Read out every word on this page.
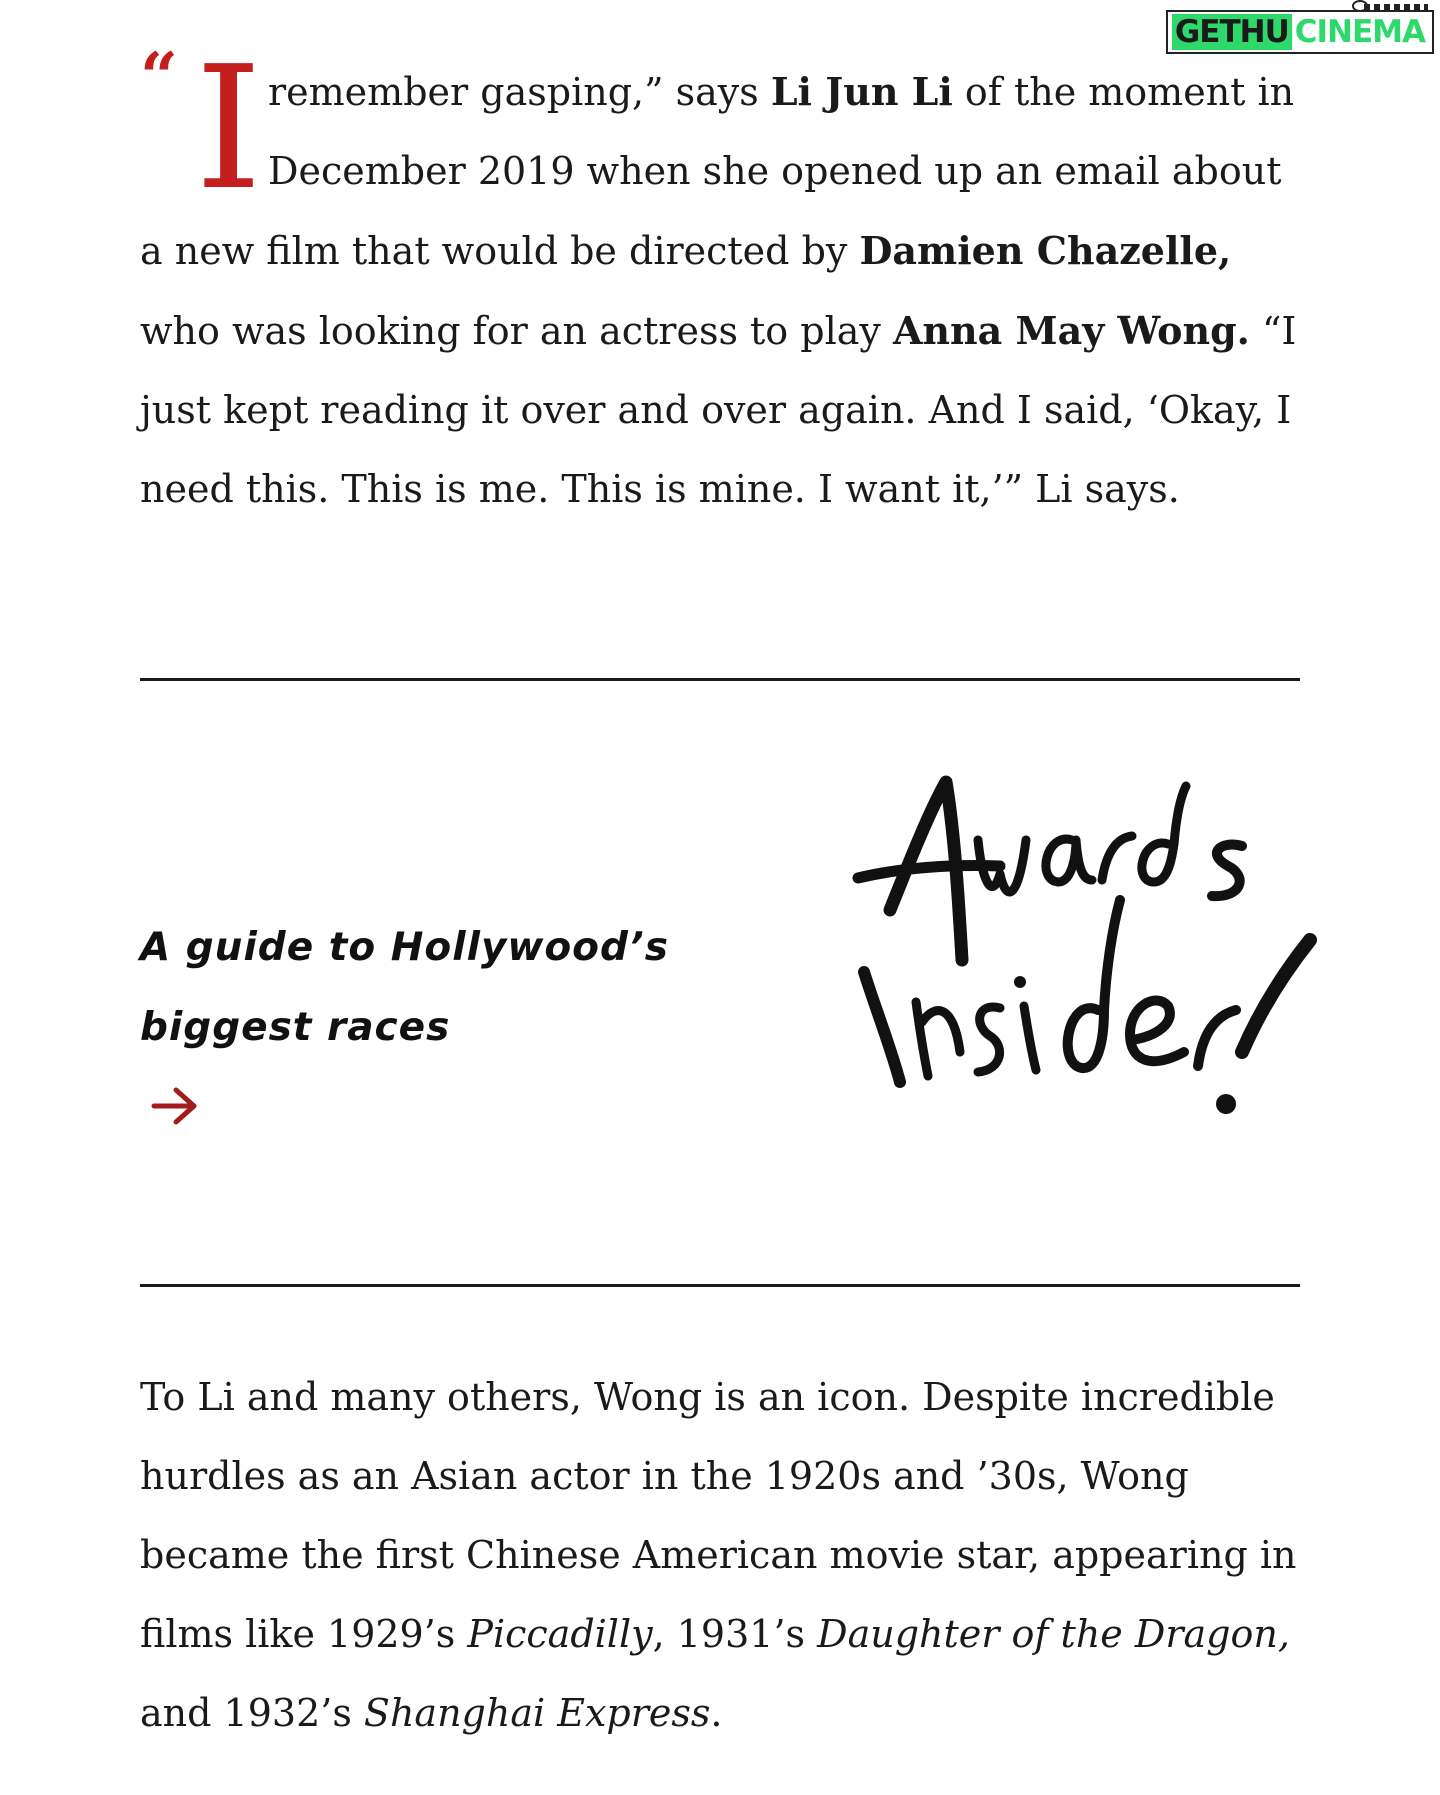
GETHU CINEMA
“ I remember gasping,” says Li Jun Li of the moment in December 2019 when she opened up an email about a new film that would be directed by Damien Chazelle, who was looking for an actress to play Anna May Wong. “I just kept reading it over and over again. And I said, ‘Okay, I need this. This is me. This is mine. I want it,’” Li says.

A guide to Hollywood’s
biggest races

To Li and many others, Wong is an icon. Despite incredible hurdles as an Asian actor in the 1920s and ’30s, Wong became the first Chinese American movie star, appearing in films like 1929’s Piccadilly, 1931’s Daughter of the Dragon, and 1932’s Shanghai Express.
